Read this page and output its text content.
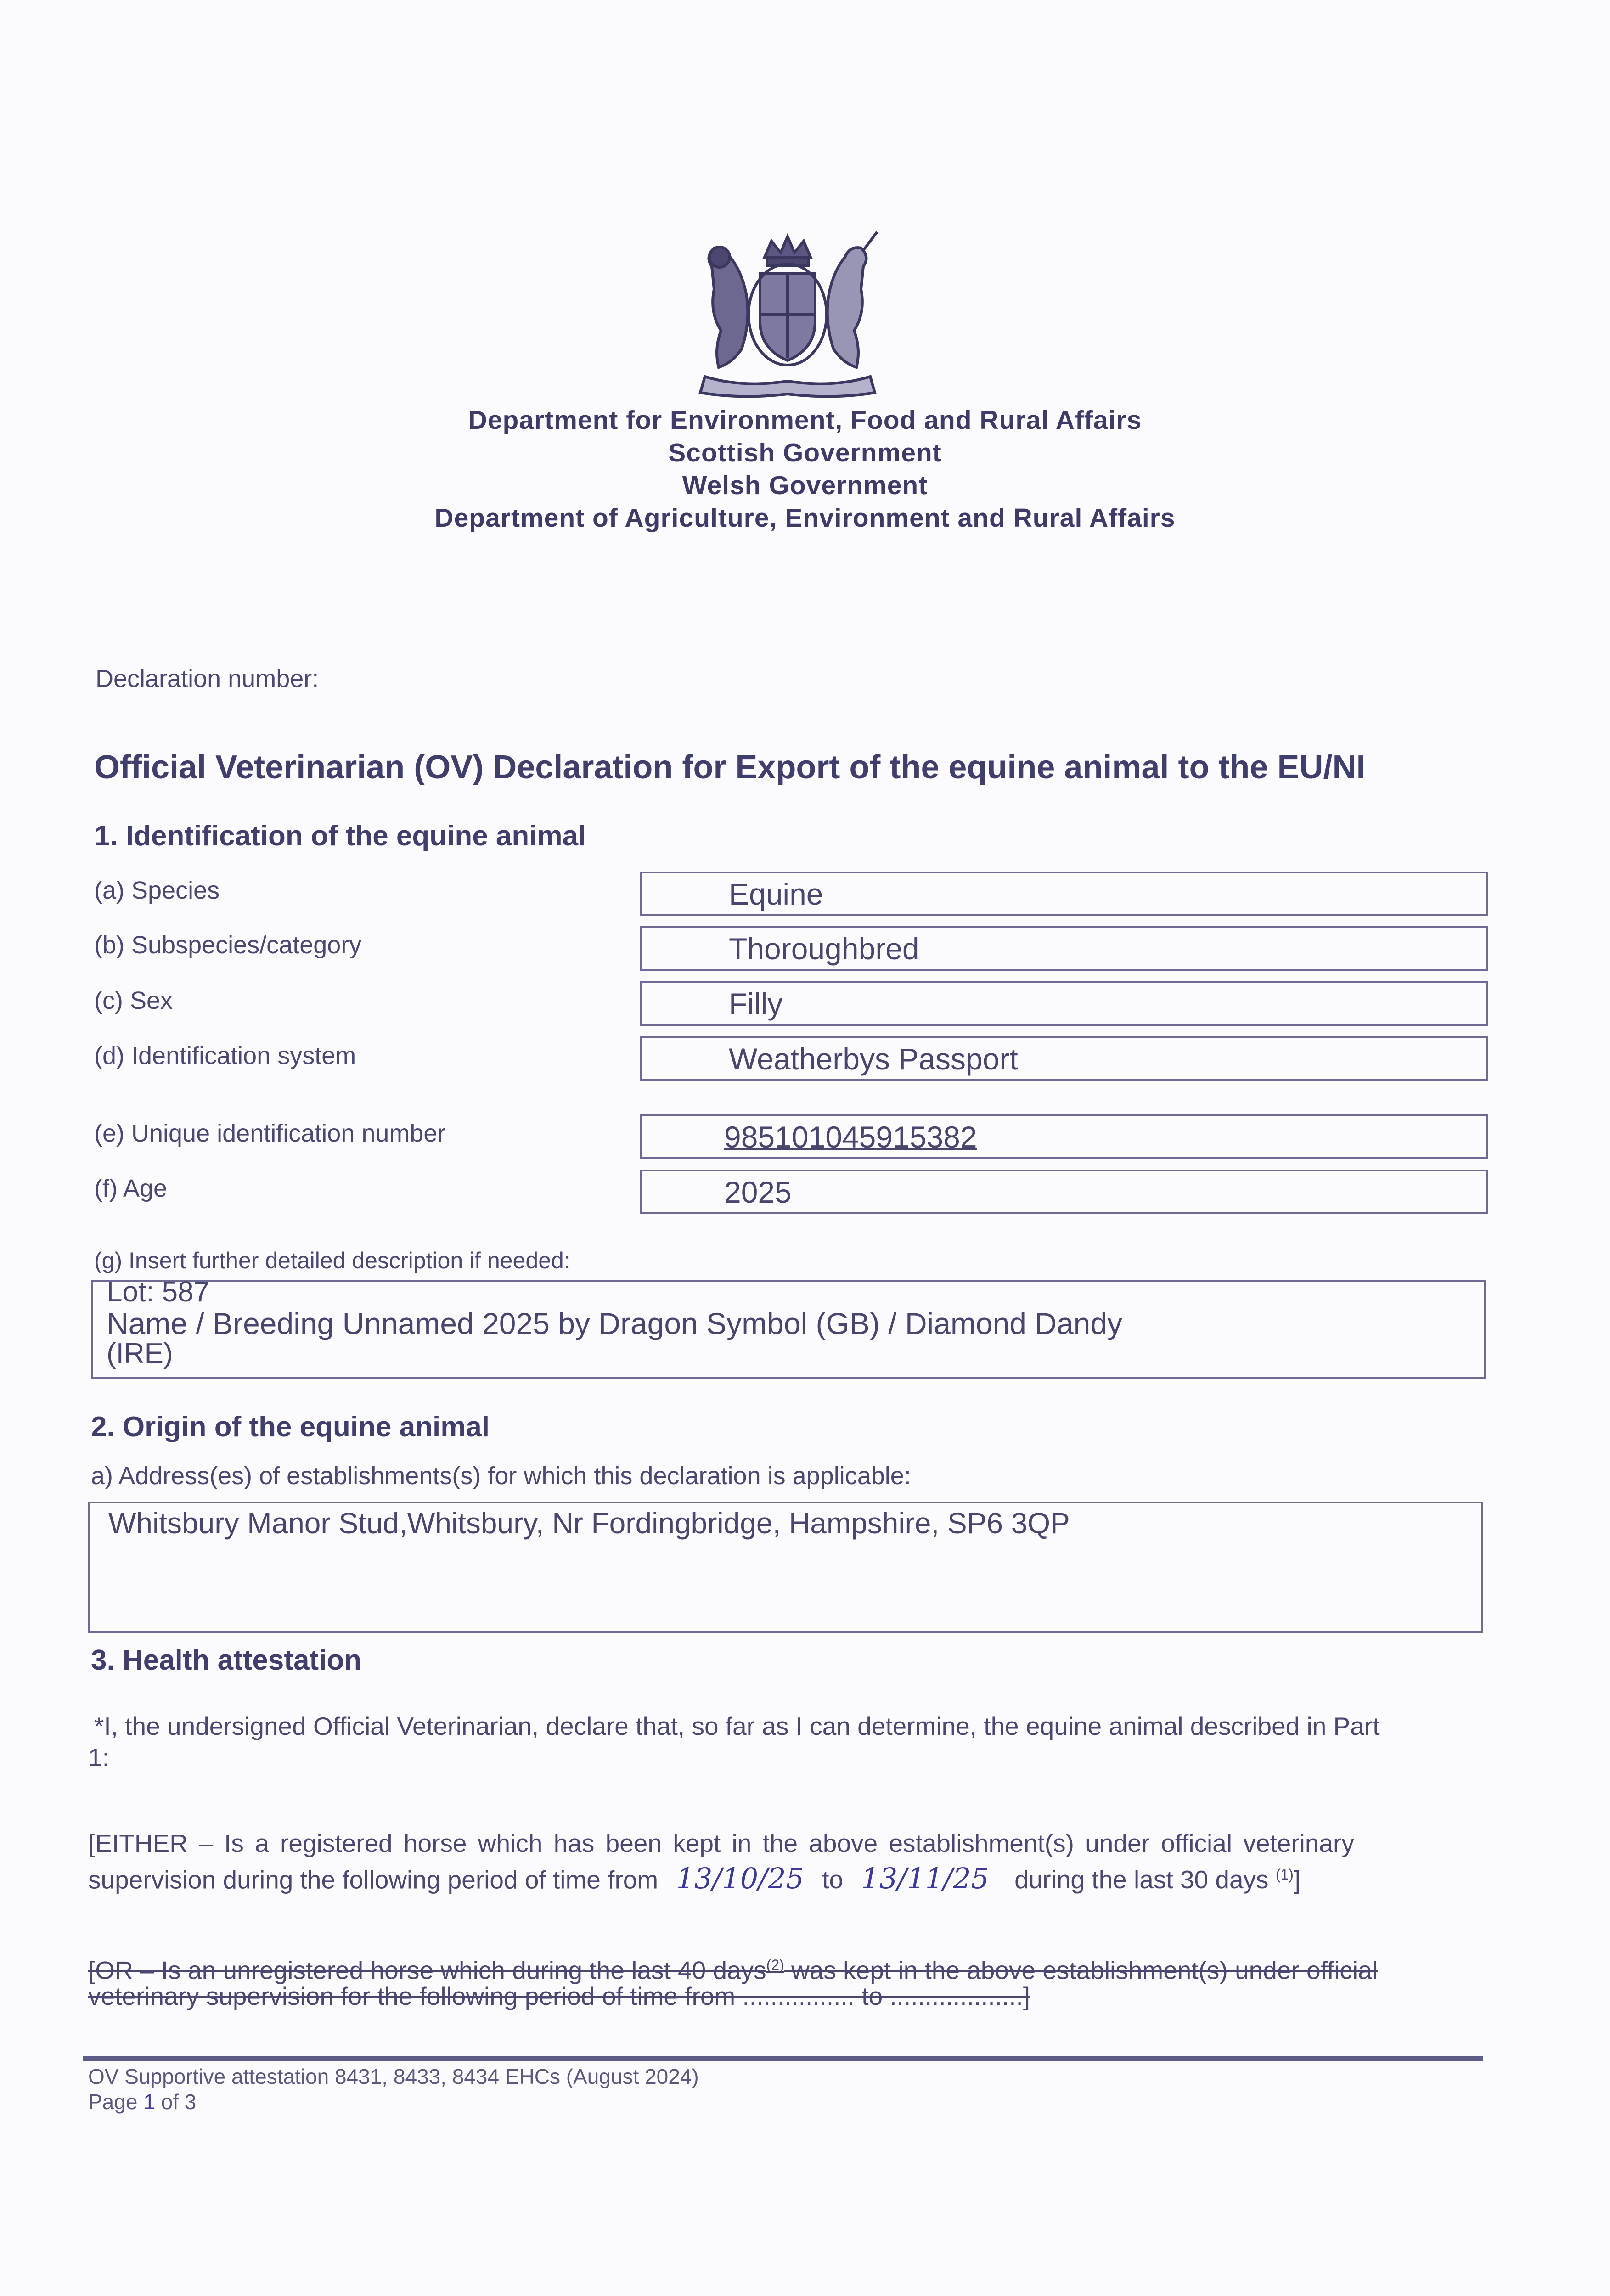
Department for Environment, Food and Rural Affairs
Scottish Government
Welsh Government
Department of Agriculture, Environment and Rural Affairs
Declaration number:
Official Veterinarian (OV) Declaration for Export of the equine animal to the EU/NI
1. Identification of the equine animal
(a) Species	Equine
(b) Subspecies/category	Thoroughbred
(c) Sex	Filly
(d) Identification system	Weatherbys Passport
(e) Unique identification number	985101045915382
(f) Age	2025
(g) Insert further detailed description if needed:
Lot: 587
Name / Breeding Unnamed 2025 by Dragon Symbol (GB) / Diamond Dandy
(IRE)
2. Origin of the equine animal
a) Address(es) of establishments(s) for which this declaration is applicable:
Whitsbury Manor Stud,Whitsbury, Nr Fordingbridge, Hampshire, SP6 3QP
3. Health attestation
*I, the undersigned Official Veterinarian, declare that, so far as I can determine, the equine animal described in Part
1:
[EITHER – Is a registered horse which has been kept in the above establishment(s) under official veterinary
supervision during the following period of time from 13/10/25 to 13/11/25 during the last 30 days $^{(1)}$]
[OR – Is an unregistered horse which during the last 40 days$^{(2)}$ was kept in the above establishment(s) under official
veterinary supervision for the following period of time from ................ to ...................]
OV Supportive attestation 8431, 8433, 8434 EHCs (August 2024)
Page 1 of 3
